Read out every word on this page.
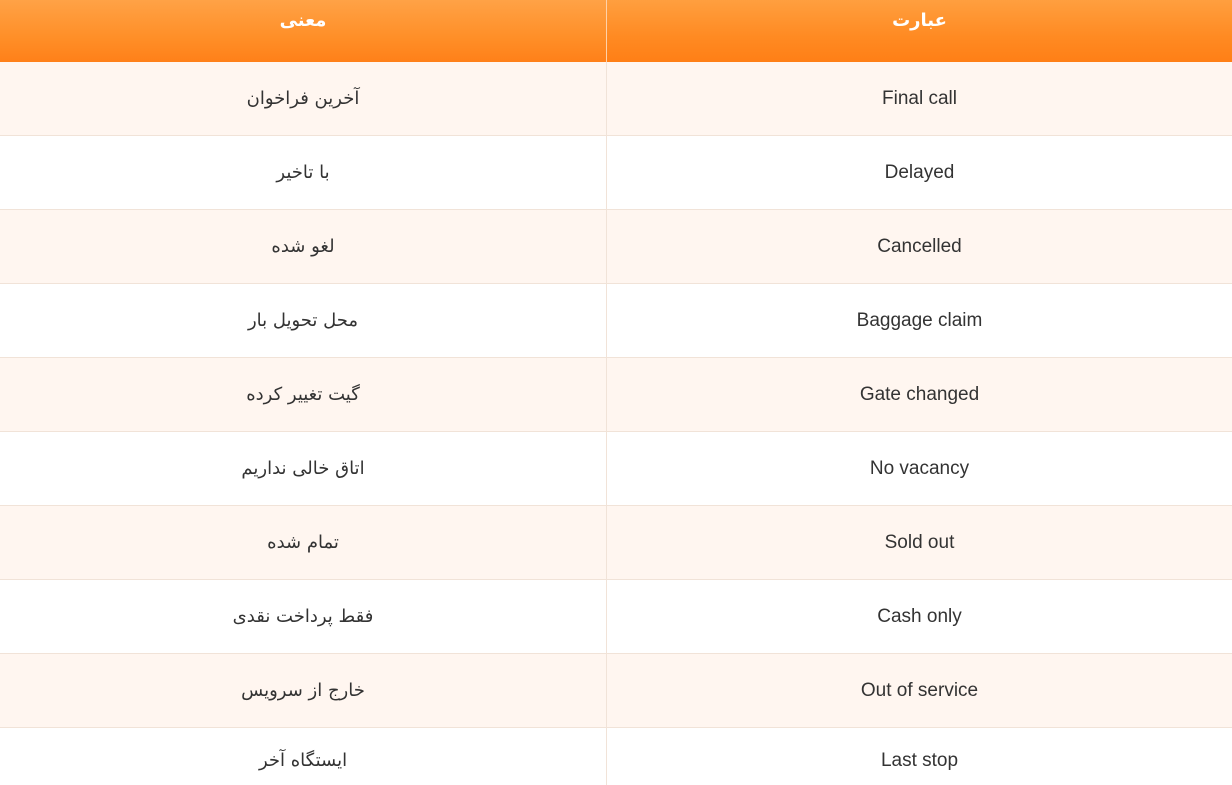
عبارت
معنی
Final call
آخرین فراخوان
Delayed
با تاخیر
Cancelled
لغو شده
Baggage claim
محل تحویل بار
Gate changed
گیت تغییر کرده
No vacancy
اتاق خالی نداریم
Sold out
تمام شده
Cash only
فقط پرداخت نقدی
Out of service
خارج از سرویس
Last stop
ایستگاه آخر
